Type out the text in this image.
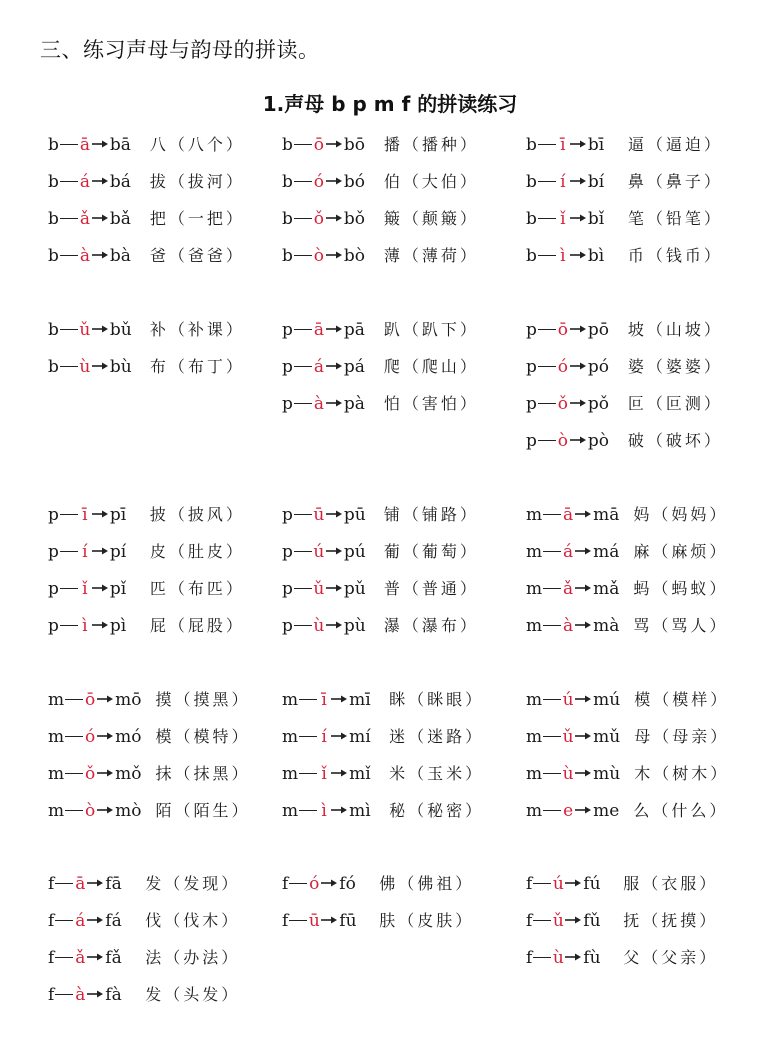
三、练习声母与韵母的拼读。
1.声母 b p m f 的拼读练习
b ā bā 八（八个）
b á bá 拔（拔河）
b ǎ bǎ 把（一把）
b à bà 爸（爸爸）
b ō bō 播（播种）
b ó bó 伯（大伯）
b ǒ bǒ 簸（颠簸）
b ò bò 薄（薄荷）
b ī bī 逼（逼迫）
b í bí 鼻（鼻子）
b ǐ bǐ 笔（铅笔）
b ì bì 币（钱币）
b ǔ bǔ 补（补课）
b ù bù 布（布丁）
p ā pā 趴（趴下）
p á pá 爬（爬山）
p à pà 怕（害怕）
p ō pō 坡（山坡）
p ó pó 婆（婆婆）
p ǒ pǒ 叵（叵测）
p ò pò 破（破坏）
p ī pī 披（披风）
p í pí 皮（肚皮）
p ǐ pǐ 匹（布匹）
p ì pì 屁（屁股）
p ū pū 铺（铺路）
p ú pú 葡（葡萄）
p ǔ pǔ 普（普通）
p ù pù 瀑（瀑布）
m ā mā 妈（妈妈）
m á má 麻（麻烦）
m ǎ mǎ 蚂（蚂蚁）
m à mà 骂（骂人）
m ō mō 摸（摸黑）
m ó mó 模（模特）
m ǒ mǒ 抹（抹黑）
m ò mò 陌（陌生）
m ī mī 眯（眯眼）
m í mí 迷（迷路）
m ǐ mǐ 米（玉米）
m ì mì 秘（秘密）
m ú mú 模（模样）
m ǔ mǔ 母（母亲）
m ù mù 木（树木）
m e me 么（什么）
f ā fā 发（发现）
f á fá 伐（伐木）
f ǎ fǎ 法（办法）
f à fà 发（头发）
f ó fó 佛（佛祖）
f ū fū 肤（皮肤）
f ú fú 服（衣服）
f ǔ fǔ 抚（抚摸）
f ù fù 父（父亲）
